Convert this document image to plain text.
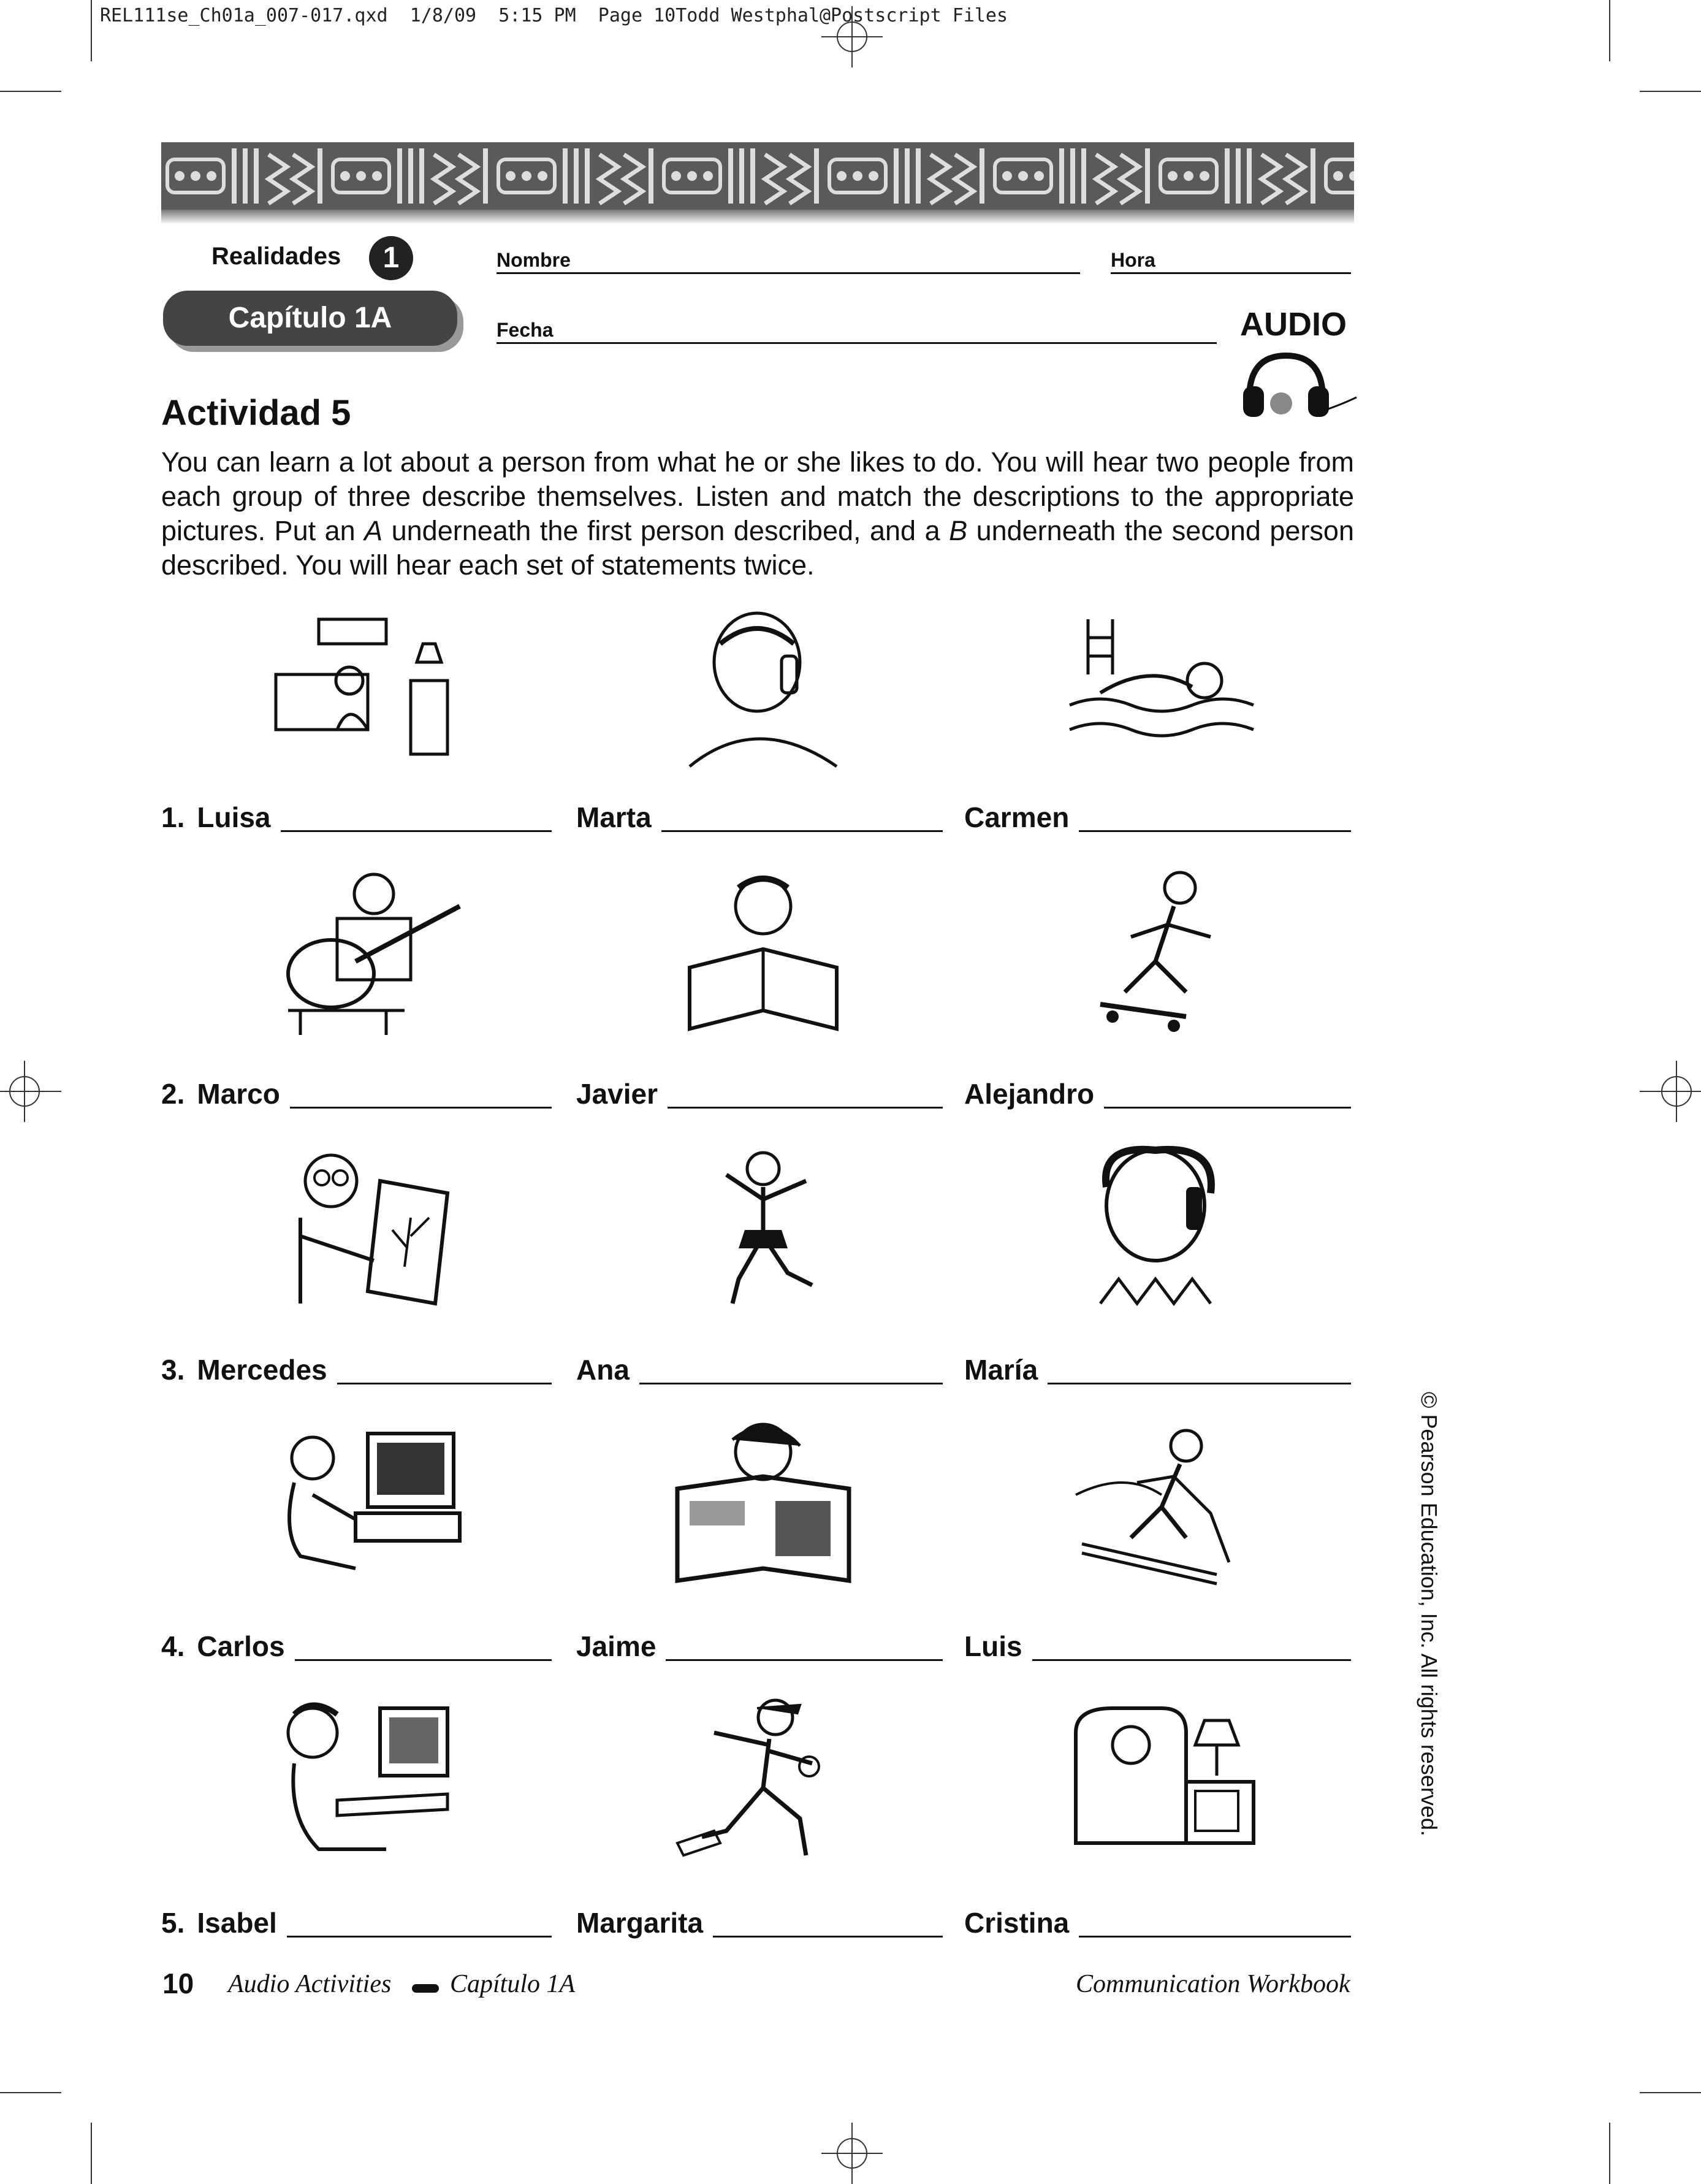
REL111se_Ch01a_007-017.qxd  1/8/09  5:15 PM  Page 10Todd Westphal@Postscript Files
Realidades	1
Capítulo 1A
Nombre	Hora
Fecha	AUDIO
Actividad 5
You can learn a lot about a person from what he or she likes to do. You will hear two people from each group of three describe themselves. Listen and match the descriptions to the appropriate pictures. Put an A underneath the first person described, and a B underneath the second person described. You will hear each set of statements twice.
1. Luisa	Marta	Carmen
2. Marco	Javier	Alejandro
3. Mercedes	Ana	María
4. Carlos	Jaime	Luis
5. Isabel	Margarita	Cristina
10 Audio Activities Capítulo 1A	Communication Workbook
© Pearson Education, Inc. All rights reserved.
